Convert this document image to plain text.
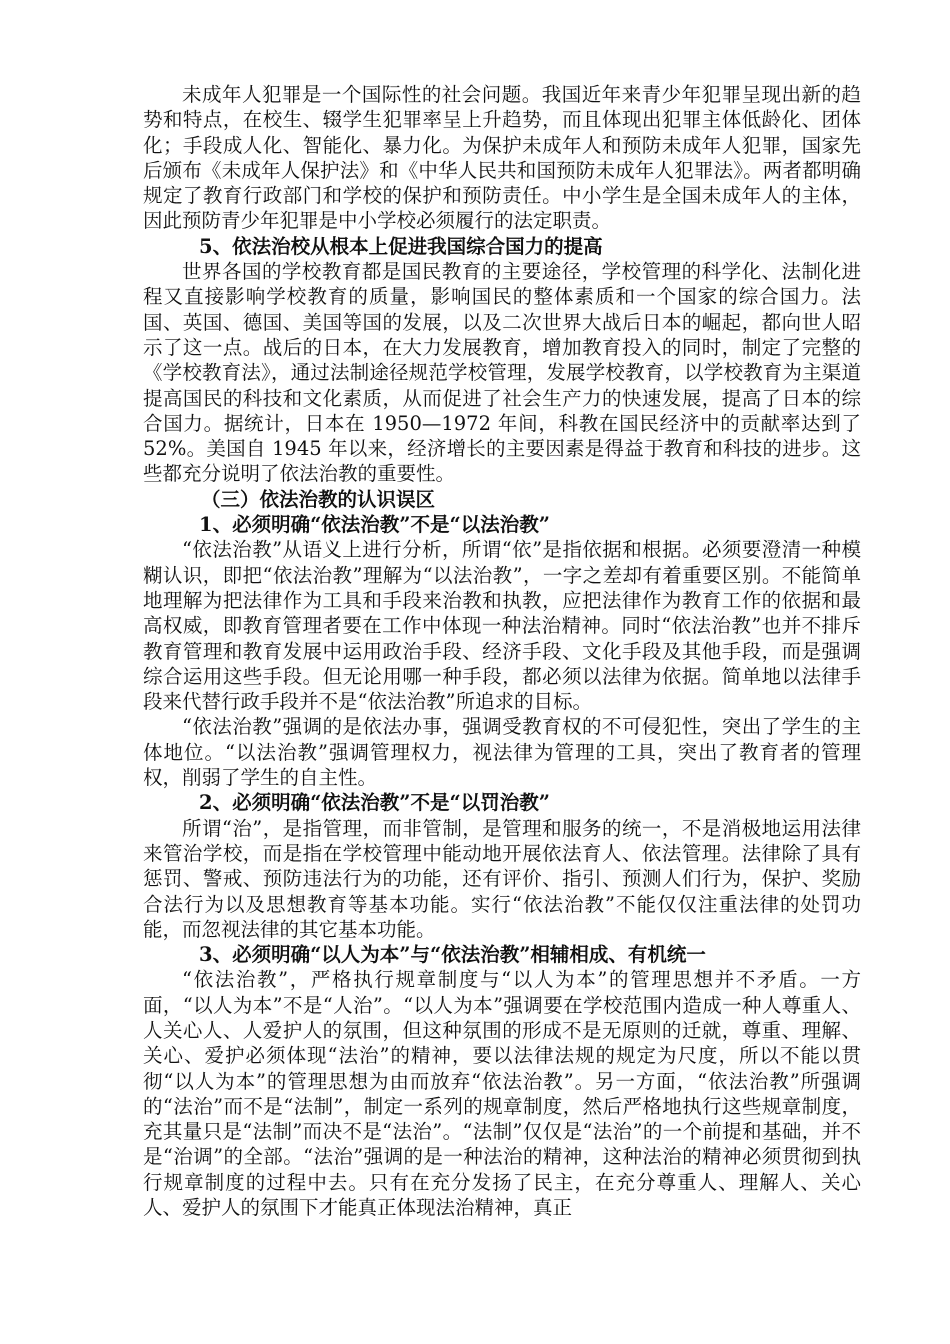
未成年人犯罪是一个国际性的社会问题。我国近年来青少年犯罪呈现出新的趋势和特点，在校生、辍学生犯罪率呈上升趋势，而且体现出犯罪主体低龄化、团体化；手段成人化、智能化、暴力化。为保护未成年人和预防未成年人犯罪，国家先后颁布《未成年人保护法》和《中华人民共和国预防未成年人犯罪法》。两者都明确规定了教育行政部门和学校的保护和预防责任。中小学生是全国未成年人的主体，因此预防青少年犯罪是中小学校必须履行的法定职责。

5、依法治校从根本上促进我国综合国力的提高

世界各国的学校教育都是国民教育的主要途径，学校管理的科学化、法制化进程又直接影响学校教育的质量，影响国民的整体素质和一个国家的综合国力。法国、英国、德国、美国等国的发展，以及二次世界大战后日本的崛起，都向世人昭示了这一点。战后的日本，在大力发展教育，增加教育投入的同时，制定了完整的《学校教育法》，通过法制途径规范学校管理，发展学校教育，以学校教育为主渠道提高国民的科技和文化素质，从而促进了社会生产力的快速发展，提高了日本的综合国力。据统计，日本在 1950—1972 年间，科教在国民经济中的贡献率达到了 52%。美国自 1945 年以来，经济增长的主要因素是得益于教育和科技的进步。这些都充分说明了依法治教的重要性。

（三）依法治教的认识误区
1、必须明确“依法治教”不是“以法治教”

“依法治教”从语义上进行分析，所谓“依”是指依据和根据。必须要澄清一种模糊认识，即把“依法治教”理解为“以法治教”，一字之差却有着重要区别。不能简单地理解为把法律作为工具和手段来治教和执教，应把法律作为教育工作的依据和最高权威，即教育管理者要在工作中体现一种法治精神。同时“依法治教”也并不排斥教育管理和教育发展中运用政治手段、经济手段、文化手段及其他手段，而是强调综合运用这些手段。但无论用哪一种手段，都必须以法律为依据。简单地以法律手段来代替行政手段并不是“依法治教”所追求的目标。

“依法治教”强调的是依法办事，强调受教育权的不可侵犯性，突出了学生的主体地位。“以法治教”强调管理权力，视法律为管理的工具，突出了教育者的管理权，削弱了学生的自主性。

2、必须明确“依法治教”不是“以罚治教”

所谓“治”，是指管理，而非管制，是管理和服务的统一，不是消极地运用法律来管治学校，而是指在学校管理中能动地开展依法育人、依法管理。法律除了具有惩罚、警戒、预防违法行为的功能，还有评价、指引、预测人们行为，保护、奖励合法行为以及思想教育等基本功能。实行“依法治教”不能仅仅注重法律的处罚功能，而忽视法律的其它基本功能。

3、必须明确“以人为本”与“依法治教”相辅相成、有机统一

“依法治教”，严格执行规章制度与“以人为本”的管理思想并不矛盾。一方面，“以人为本”不是“人治”。“以人为本”强调要在学校范围内造成一种人尊重人、人关心人、人爱护人的氛围，但这种氛围的形成不是无原则的迁就，尊重、理解、关心、爱护必须体现“法治”的精神，要以法律法规的规定为尺度，所以不能以贯彻“以人为本”的管理思想为由而放弃“依法治教”。另一方面，“依法治教”所强调的“法治”而不是“法制”，制定一系列的规章制度，然后严格地执行这些规章制度，充其量只是“法制”而决不是“法治”。“法制”仅仅是“法治”的一个前提和基础，并不是“治调”的全部。“法治”强调的是一种法治的精神，这种法治的精神必须贯彻到执行规章制度的过程中去。只有在充分发扬了民主，在充分尊重人、理解人、关心人、爱护人的氛围下才能真正体现法治精神，真正
